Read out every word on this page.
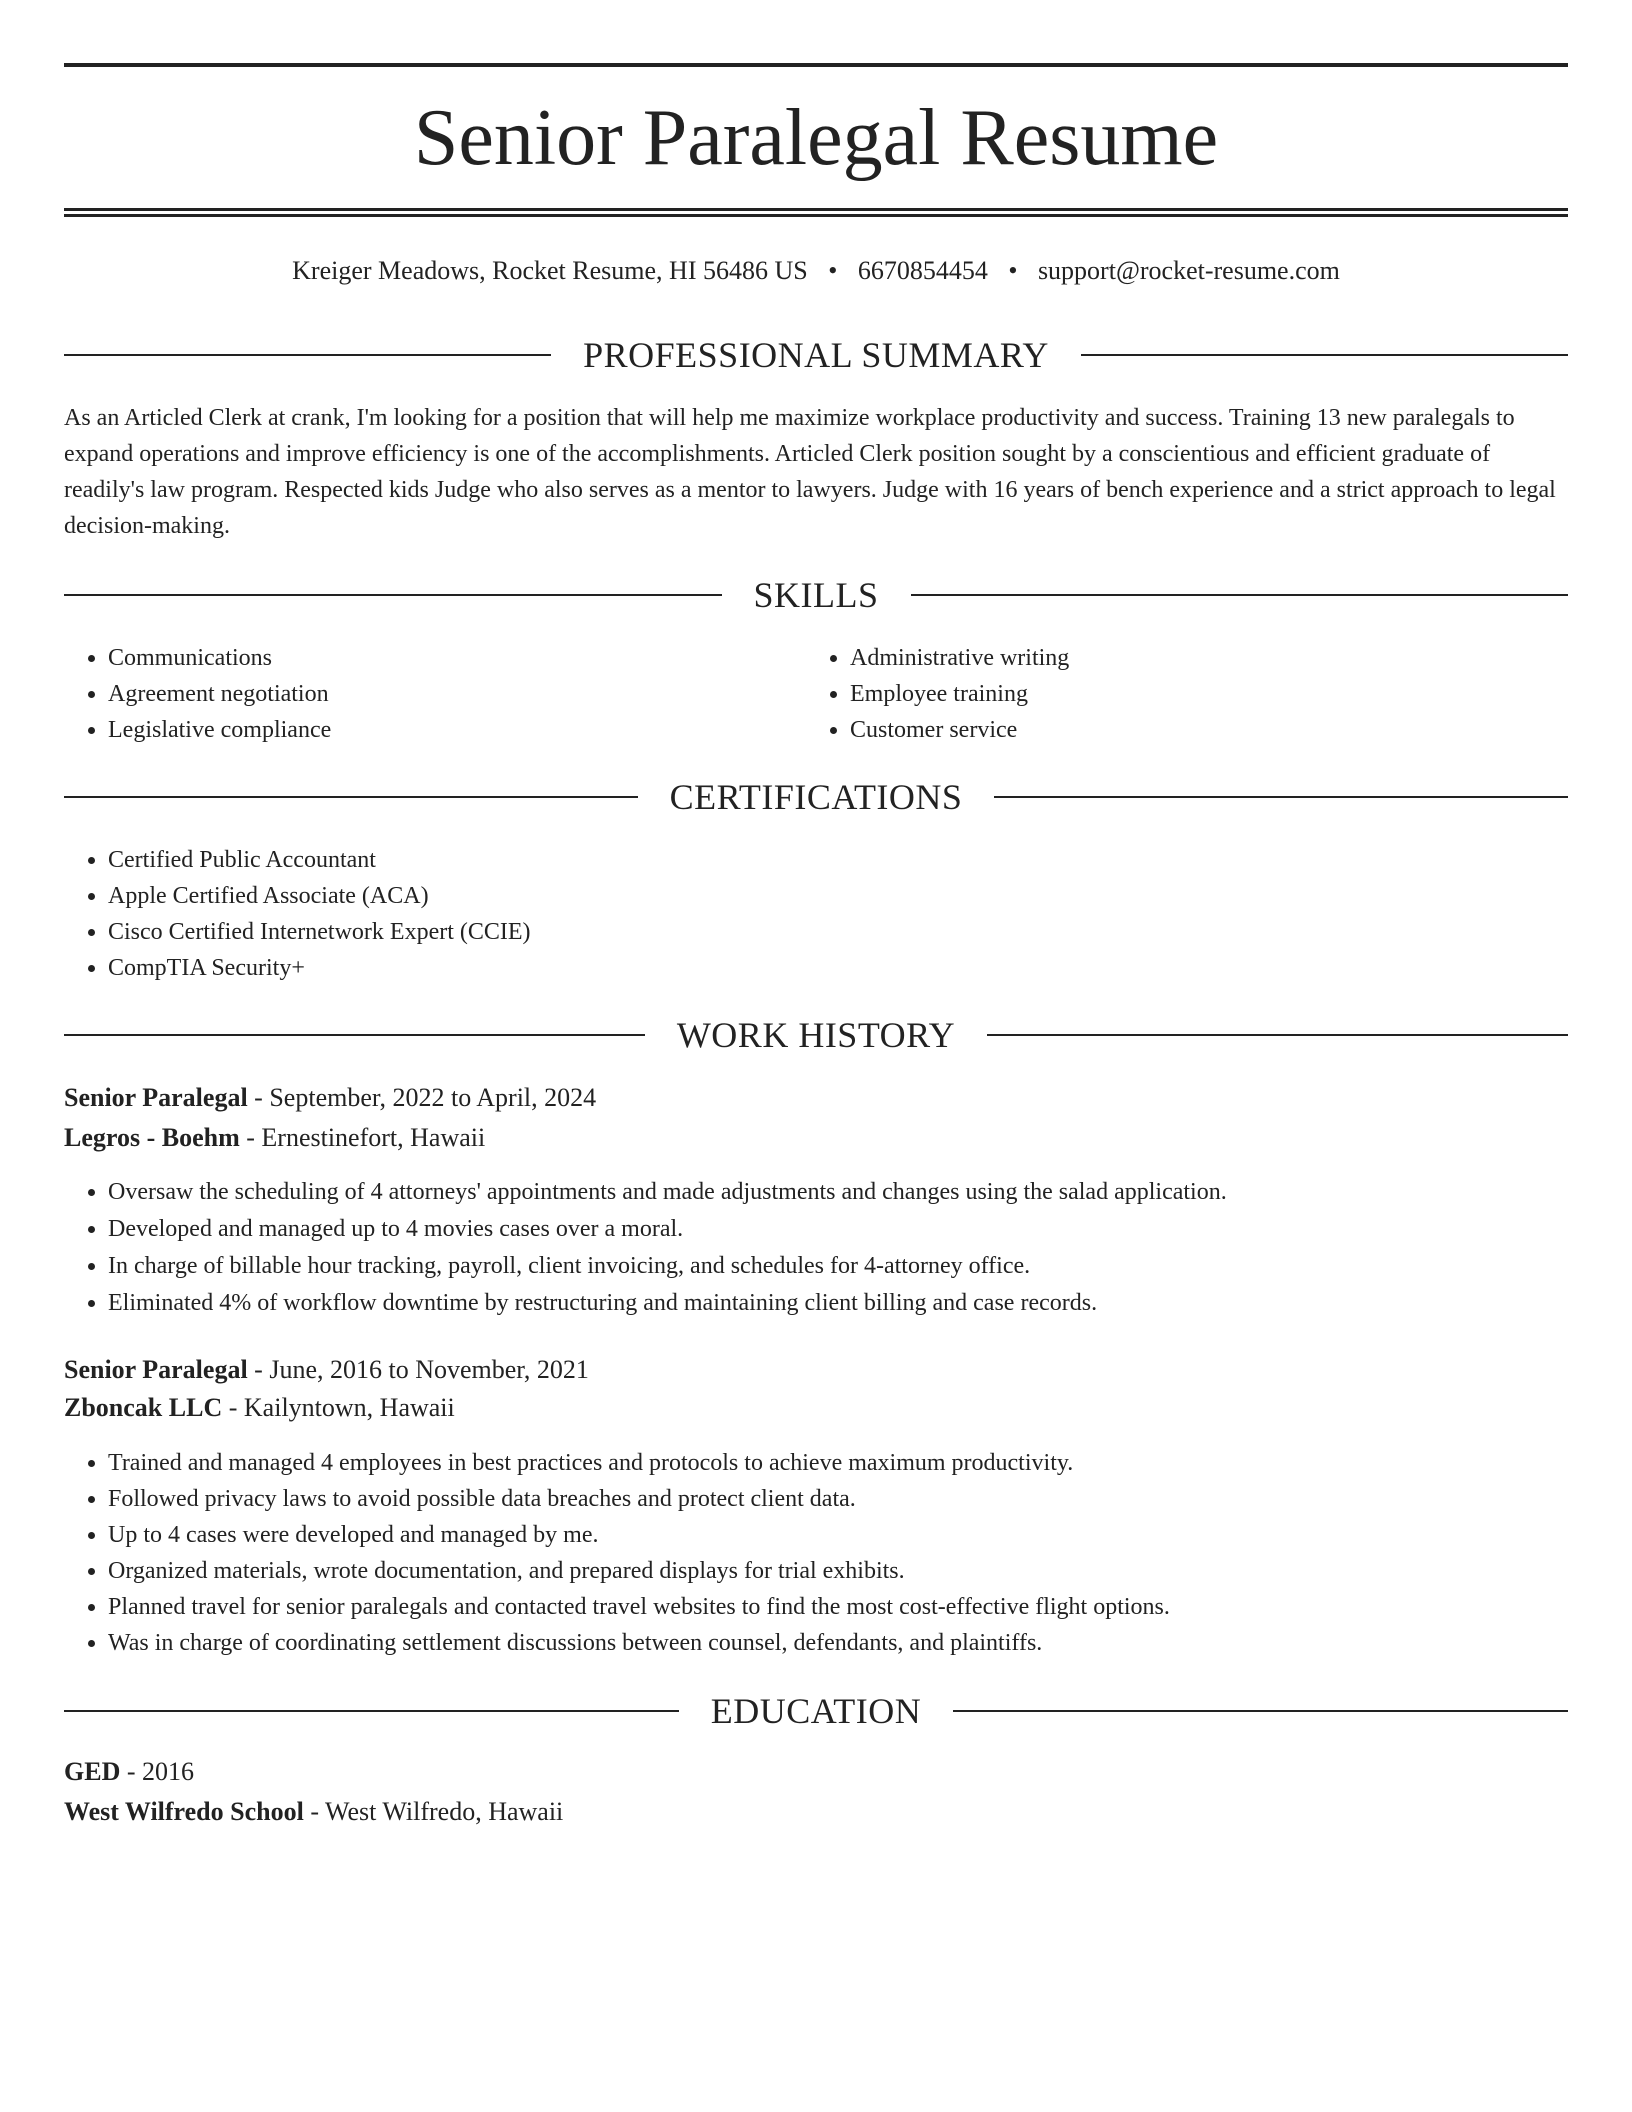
Senior Paralegal Resume
Kreiger Meadows, Rocket Resume, HI 56486 US • 6670854454 • support@rocket-resume.com
PROFESSIONAL SUMMARY

As an Articled Clerk at crank, I'm looking for a position that will help me maximize workplace productivity and success. Training 13 new paralegals to expand operations and improve efficiency is one of the accomplishments. Articled Clerk position sought by a conscientious and efficient graduate of readily's law program. Respected kids Judge who also serves as a mentor to lawyers. Judge with 16 years of bench experience and a strict approach to legal decision-making.

SKILLS
• Communications
• Agreement negotiation
• Legislative compliance
• Administrative writing
• Employee training
• Customer service
CERTIFICATIONS
• Certified Public Accountant
• Apple Certified Associate (ACA)
• Cisco Certified Internetwork Expert (CCIE)
• CompTIA Security+
WORK HISTORY
Senior Paralegal - September, 2022 to April, 2024
Legros - Boehm - Ernestinefort, Hawaii
• Oversaw the scheduling of 4 attorneys' appointments and made adjustments and changes using the salad application.
• Developed and managed up to 4 movies cases over a moral.
• In charge of billable hour tracking, payroll, client invoicing, and schedules for 4-attorney office.
• Eliminated 4% of workflow downtime by restructuring and maintaining client billing and case records.
Senior Paralegal - June, 2016 to November, 2021
Zboncak LLC - Kailyntown, Hawaii
• Trained and managed 4 employees in best practices and protocols to achieve maximum productivity.
• Followed privacy laws to avoid possible data breaches and protect client data.
• Up to 4 cases were developed and managed by me.
• Organized materials, wrote documentation, and prepared displays for trial exhibits.
• Planned travel for senior paralegals and contacted travel websites to find the most cost-effective flight options.
• Was in charge of coordinating settlement discussions between counsel, defendants, and plaintiffs.
EDUCATION
GED - 2016
West Wilfredo School - West Wilfredo, Hawaii
